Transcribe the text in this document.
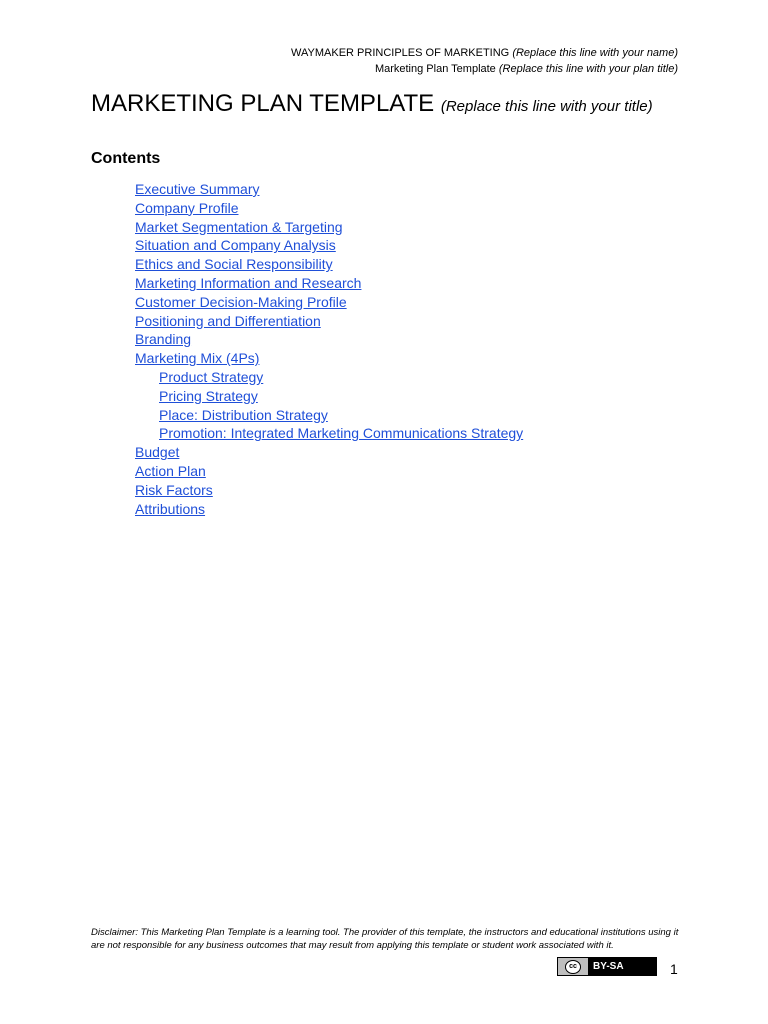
WAYMAKER PRINCIPLES OF MARKETING (Replace this line with your name)
Marketing Plan Template (Replace this line with your plan title)
MARKETING PLAN TEMPLATE (Replace this line with your title)
Contents
Executive Summary
Company Profile
Market Segmentation & Targeting
Situation and Company Analysis
Ethics and Social Responsibility
Marketing Information and Research
Customer Decision-Making Profile
Positioning and Differentiation
Branding
Marketing Mix (4Ps)
Product Strategy
Pricing Strategy
Place: Distribution Strategy
Promotion: Integrated Marketing Communications Strategy
Budget
Action Plan
Risk Factors
Attributions
Disclaimer: This Marketing Plan Template is a learning tool. The provider of this template, the instructors and educational institutions using it are not responsible for any business outcomes that may result from applying this template or student work associated with it.
cc	BY-SA	1
